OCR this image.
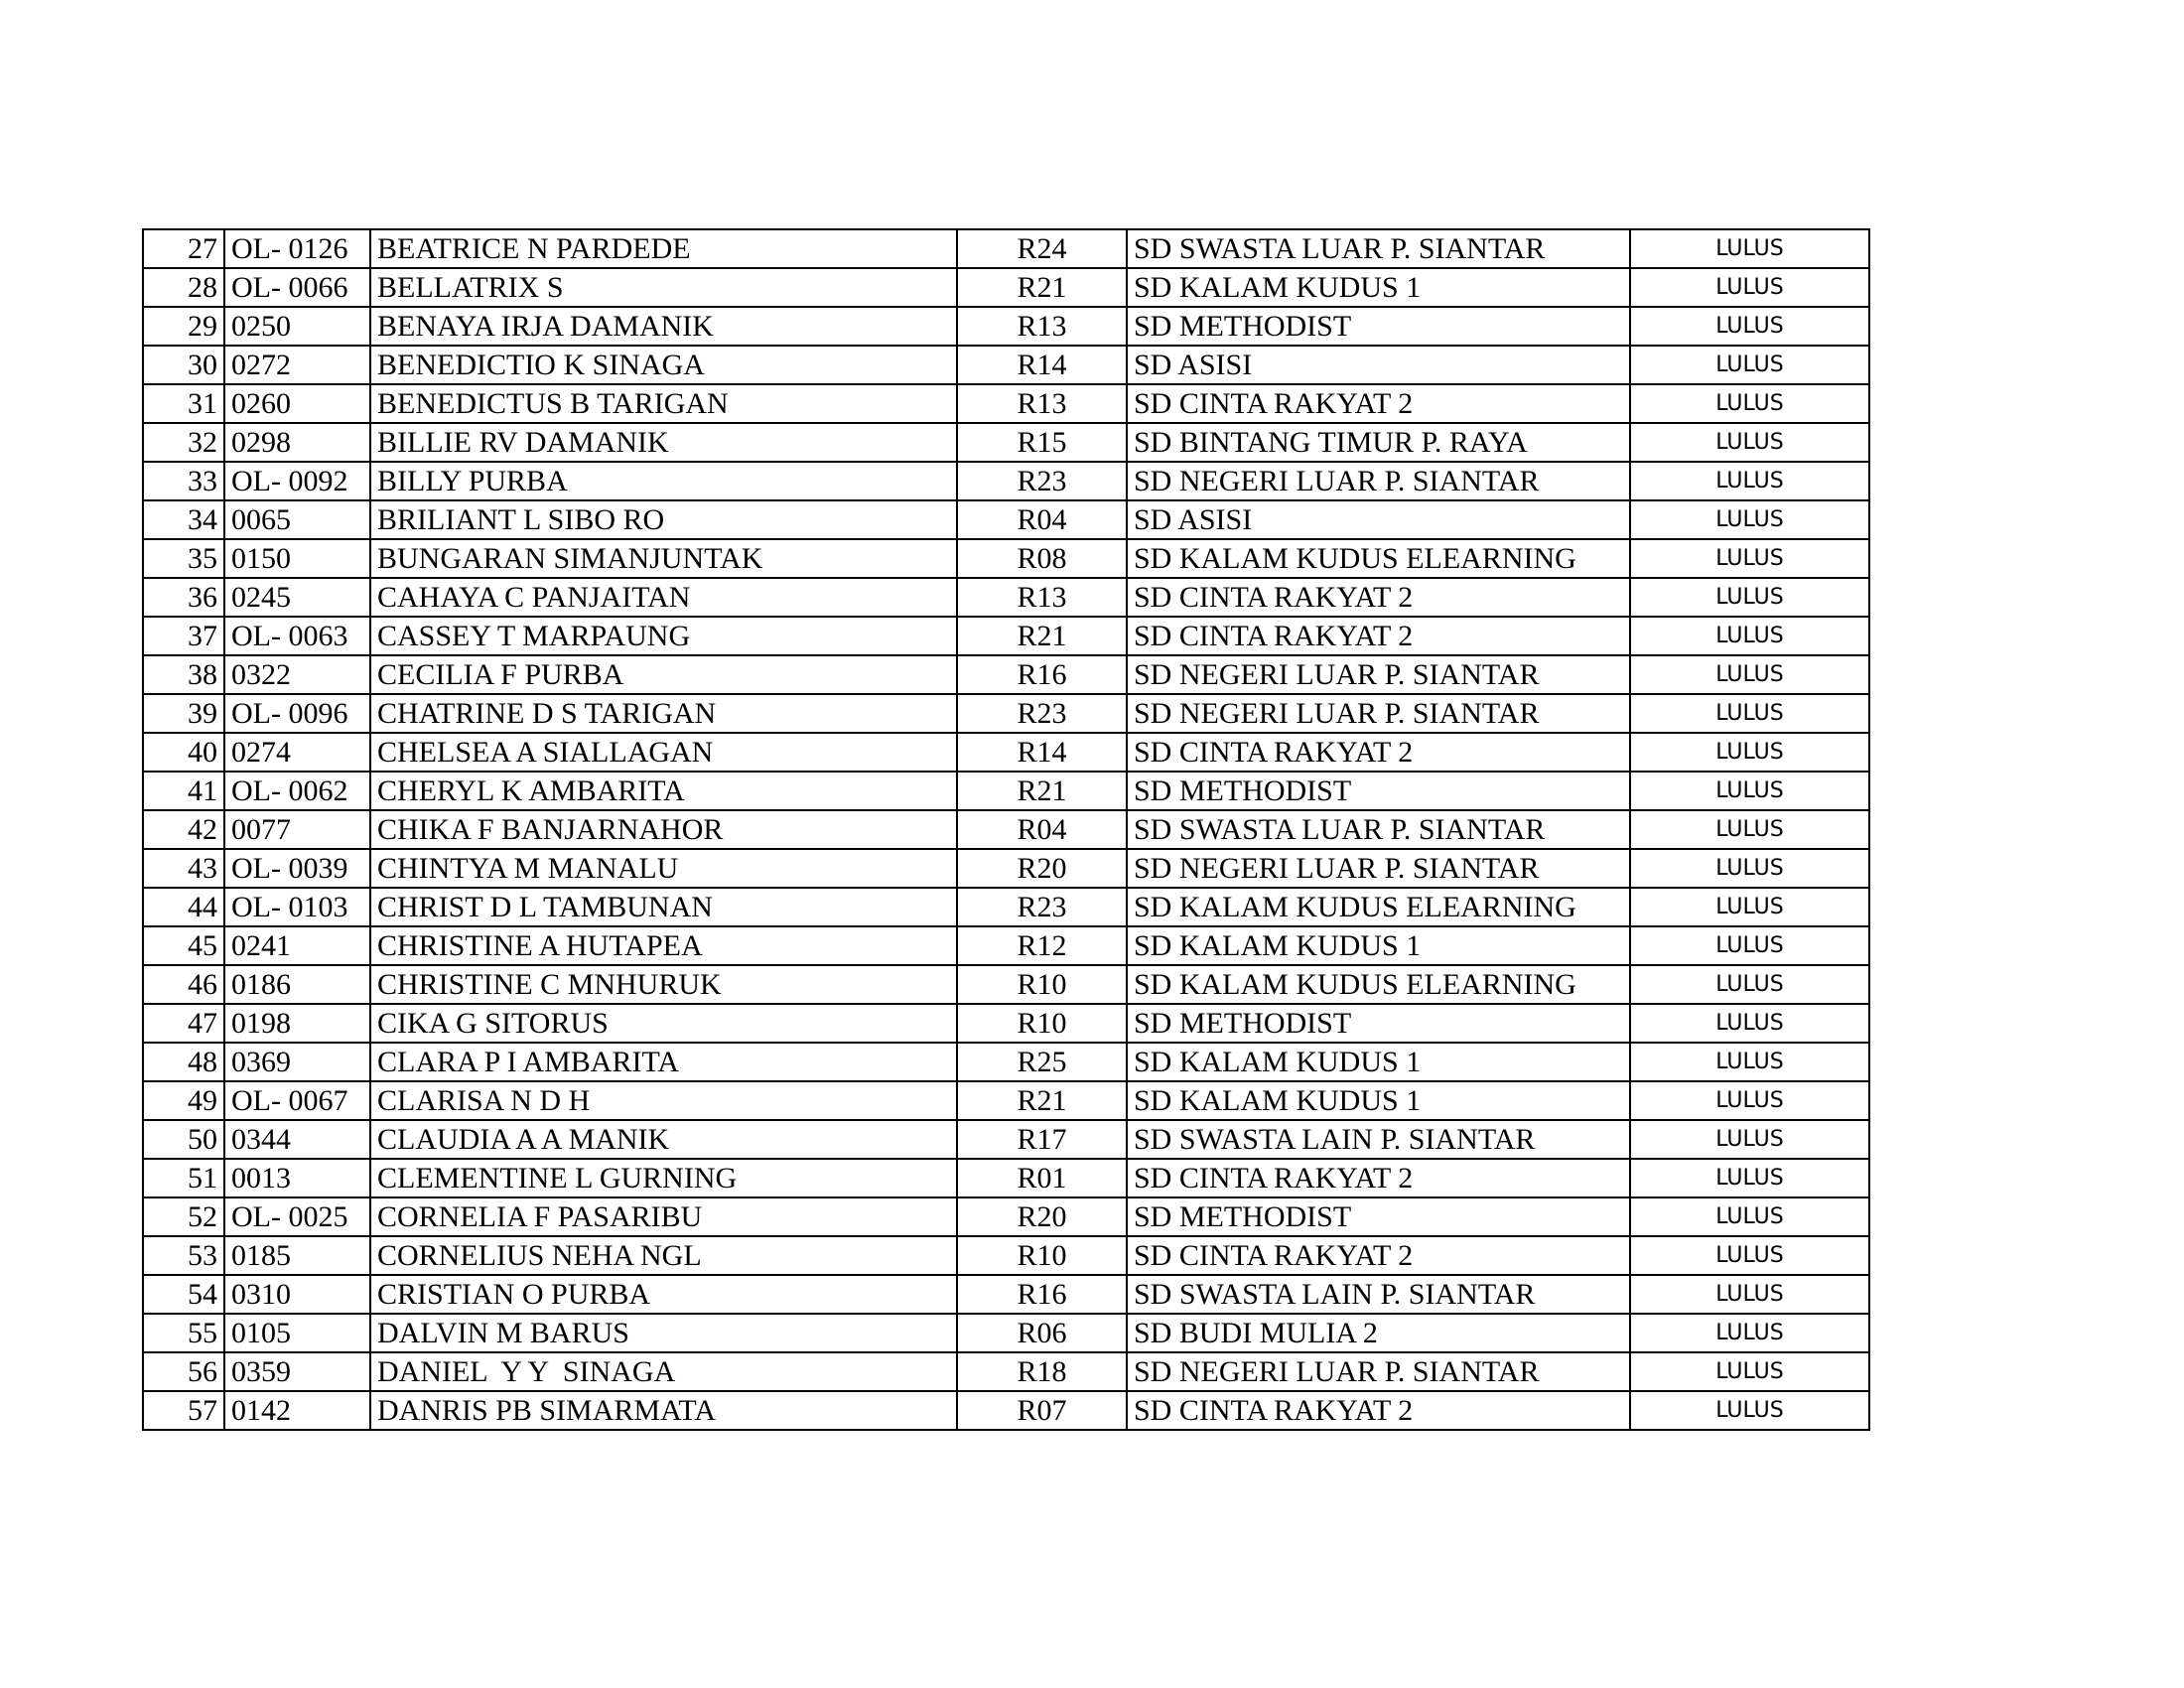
27	OL- 0126	BEATRICE N PARDEDE	R24	SD SWASTA LUAR P. SIANTAR	LULUS
28	OL- 0066	BELLATRIX S	R21	SD KALAM KUDUS 1	LULUS
29	0250	BENAYA IRJA DAMANIK	R13	SD METHODIST	LULUS
30	0272	BENEDICTIO K SINAGA	R14	SD ASISI	LULUS
31	0260	BENEDICTUS B TARIGAN	R13	SD CINTA RAKYAT 2	LULUS
32	0298	BILLIE RV DAMANIK	R15	SD BINTANG TIMUR P. RAYA	LULUS
33	OL- 0092	BILLY PURBA	R23	SD NEGERI LUAR P. SIANTAR	LULUS
34	0065	BRILIANT L SIBO RO	R04	SD ASISI	LULUS
35	0150	BUNGARAN SIMANJUNTAK	R08	SD KALAM KUDUS ELEARNING	LULUS
36	0245	CAHAYA C PANJAITAN	R13	SD CINTA RAKYAT 2	LULUS
37	OL- 0063	CASSEY T MARPAUNG	R21	SD CINTA RAKYAT 2	LULUS
38	0322	CECILIA F PURBA	R16	SD NEGERI LUAR P. SIANTAR	LULUS
39	OL- 0096	CHATRINE D S TARIGAN	R23	SD NEGERI LUAR P. SIANTAR	LULUS
40	0274	CHELSEA A SIALLAGAN	R14	SD CINTA RAKYAT 2	LULUS
41	OL- 0062	CHERYL K AMBARITA	R21	SD METHODIST	LULUS
42	0077	CHIKA F BANJARNAHOR	R04	SD SWASTA LUAR P. SIANTAR	LULUS
43	OL- 0039	CHINTYA M MANALU	R20	SD NEGERI LUAR P. SIANTAR	LULUS
44	OL- 0103	CHRIST D L TAMBUNAN	R23	SD KALAM KUDUS ELEARNING	LULUS
45	0241	CHRISTINE A HUTAPEA	R12	SD KALAM KUDUS 1	LULUS
46	0186	CHRISTINE C MNHURUK	R10	SD KALAM KUDUS ELEARNING	LULUS
47	0198	CIKA G SITORUS	R10	SD METHODIST	LULUS
48	0369	CLARA P I AMBARITA	R25	SD KALAM KUDUS 1	LULUS
49	OL- 0067	CLARISA N D H	R21	SD KALAM KUDUS 1	LULUS
50	0344	CLAUDIA A A MANIK	R17	SD SWASTA LAIN P. SIANTAR	LULUS
51	0013	CLEMENTINE L GURNING	R01	SD CINTA RAKYAT 2	LULUS
52	OL- 0025	CORNELIA F PASARIBU	R20	SD METHODIST	LULUS
53	0185	CORNELIUS NEHA NGL	R10	SD CINTA RAKYAT 2	LULUS
54	0310	CRISTIAN O PURBA	R16	SD SWASTA LAIN P. SIANTAR	LULUS
55	0105	DALVIN M BARUS	R06	SD BUDI MULIA 2	LULUS
56	0359	DANIEL  Y Y  SINAGA	R18	SD NEGERI LUAR P. SIANTAR	LULUS
57	0142	DANRIS PB SIMARMATA	R07	SD CINTA RAKYAT 2	LULUS
